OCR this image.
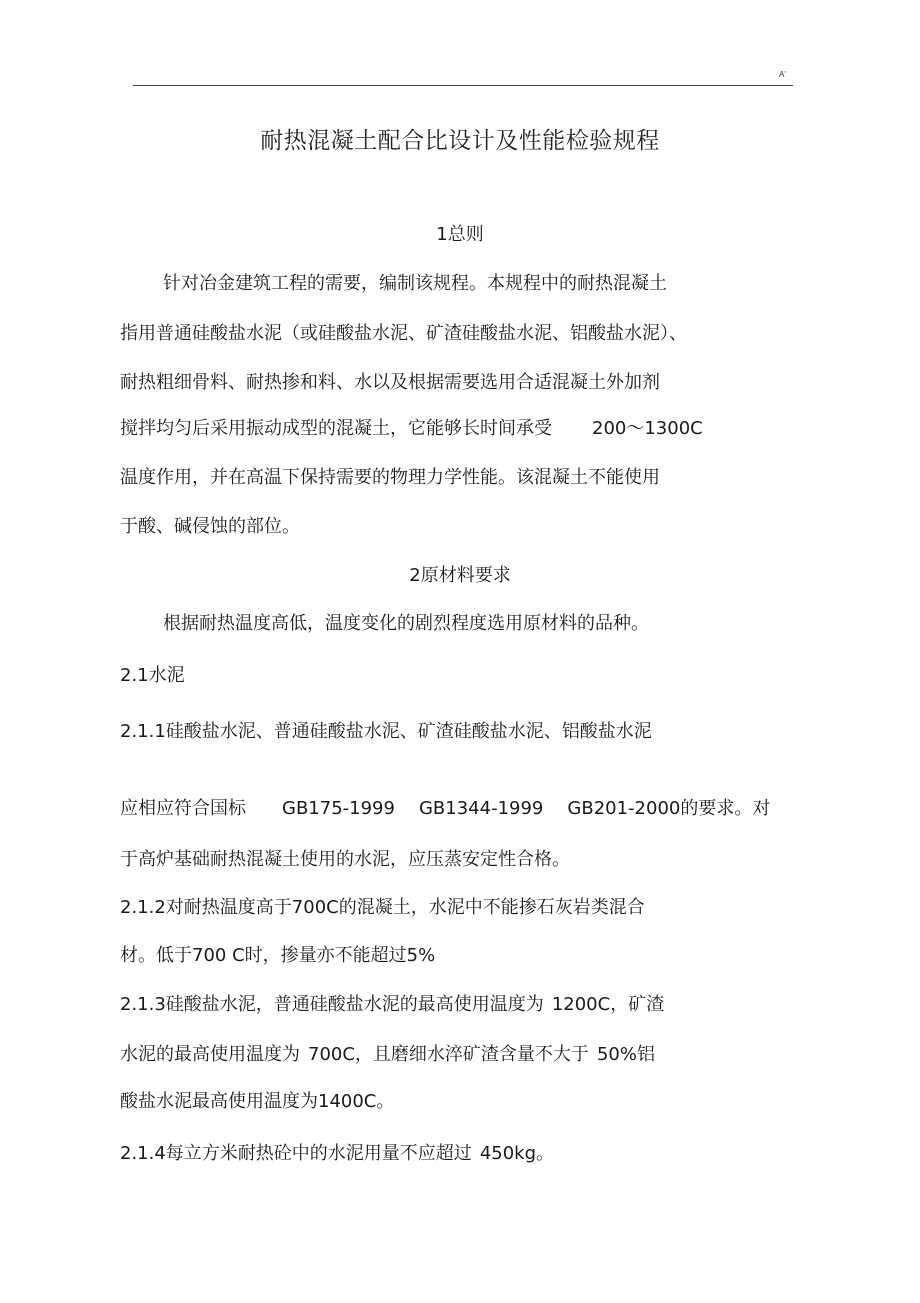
A'
耐热混凝土配合比设计及性能检验规程
1总则
针对冶金建筑工程的需要，编制该规程。本规程中的耐热混凝土
指用普通硅酸盐水泥（或硅酸盐水泥、矿渣硅酸盐水泥、铝酸盐水泥）、
耐热粗细骨料、耐热掺和料、水以及根据需要选用合适混凝土外加剂
搅拌均匀后采用振动成型的混凝土，它能够长时间承受 200～1300C
温度作用，并在高温下保持需要的物理力学性能。该混凝土不能使用
于酸、碱侵蚀的部位。
2原材料要求
根据耐热温度高低，温度变化的剧烈程度选用原材料的品种。
2.1水泥
2.1.1硅酸盐水泥、普通硅酸盐水泥、矿渣硅酸盐水泥、铝酸盐水泥
应相应符合国标 GB175-1999 GB1344-1999 GB201-2000的要求。对
于高炉基础耐热混凝土使用的水泥，应压蒸安定性合格。
2.1.2对耐热温度高于700C的混凝土，水泥中不能掺石灰岩类混合
材。低于700 C时，掺量亦不能超过5%
2.1.3硅酸盐水泥，普通硅酸盐水泥的最高使用温度为 1200C，矿渣
水泥的最高使用温度为 700C，且磨细水淬矿渣含量不大于 50%铝
酸盐水泥最高使用温度为1400C。
2.1.4每立方米耐热砼中的水泥用量不应超过 450kg。
